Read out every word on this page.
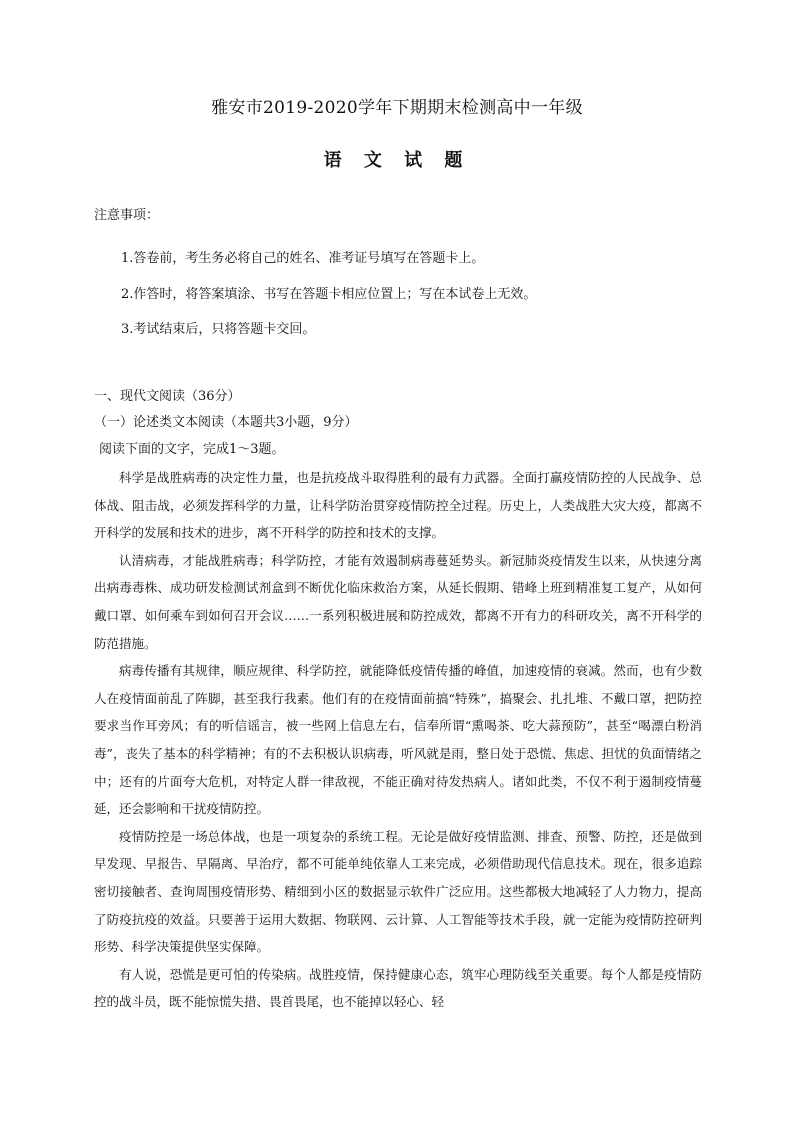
雅安市2019-2020学年下期期末检测高中一年级
语 文 试 题
注意事项：
1.答卷前，考生务必将自己的姓名、准考证号填写在答题卡上。
2.作答时，将答案填涂、书写在答题卡相应位置上；写在本试卷上无效。
3.考试结束后，只将答题卡交回。
一、现代文阅读（36分）
（一）论述类文本阅读（本题共3小题，9分）
阅读下面的文字，完成1～3题。

科学是战胜病毒的决定性力量，也是抗疫战斗取得胜利的最有力武器。全面打赢疫情防控的人民战争、总体战、阻击战，必须发挥科学的力量，让科学防治贯穿疫情防控全过程。历史上，人类战胜大灾大疫，都离不开科学的发展和技术的进步，离不开科学的防控和技术的支撑。

认清病毒，才能战胜病毒；科学防控，才能有效遏制病毒蔓延势头。新冠肺炎疫情发生以来，从快速分离出病毒毒株、成功研发检测试剂盒到不断优化临床救治方案，从延长假期、错峰上班到精准复工复产，从如何戴口罩、如何乘车到如何召开会议……一系列积极进展和防控成效，都离不开有力的科研攻关，离不开科学的防范措施。

病毒传播有其规律，顺应规律、科学防控，就能降低疫情传播的峰值，加速疫情的衰减。然而，也有少数人在疫情面前乱了阵脚，甚至我行我素。他们有的在疫情面前搞“特殊”，搞聚会、扎扎堆、不戴口罩，把防控要求当作耳旁风；有的听信谣言，被一些网上信息左右，信奉所谓“熏喝茶、吃大蒜预防”，甚至“喝漂白粉消毒”，丧失了基本的科学精神；有的不去积极认识病毒，听风就是雨，整日处于恐慌、焦虑、担忧的负面情绪之中；还有的片面夸大危机，对特定人群一律敌视，不能正确对待发热病人。诸如此类，不仅不利于遏制疫情蔓延，还会影响和干扰疫情防控。

疫情防控是一场总体战，也是一项复杂的系统工程。无论是做好疫情监测、排查、预警、防控，还是做到早发现、早报告、早隔离、早治疗，都不可能单纯依靠人工来完成，必须借助现代信息技术。现在，很多追踪密切接触者、查询周围疫情形势、精细到小区的数据显示软件广泛应用。这些都极大地减轻了人力物力，提高了防疫抗疫的效益。只要善于运用大数据、物联网、云计算、人工智能等技术手段，就一定能为疫情防控研判形势、科学决策提供坚实保障。

有人说，恐慌是更可怕的传染病。战胜疫情，保持健康心态，筑牢心理防线至关重要。每个人都是疫情防控的战斗员，既不能惊慌失措、畏首畏尾，也不能掉以轻心、轻
